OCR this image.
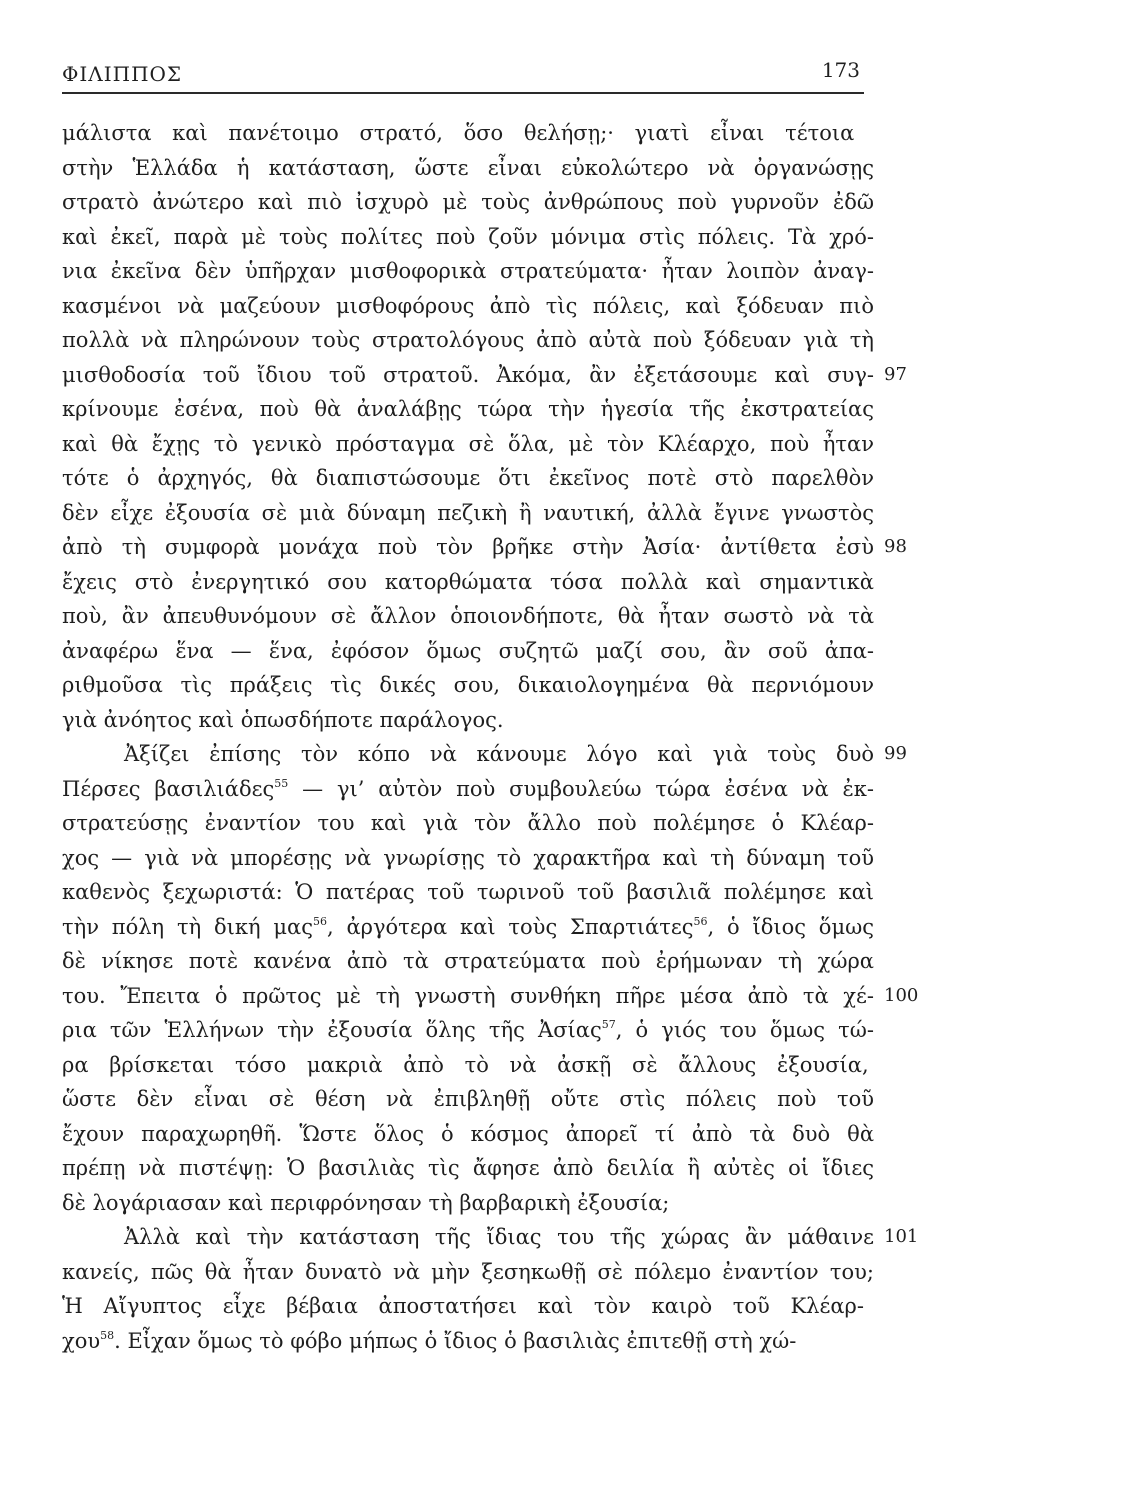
ΦΙΛΙΠΠΟΣ	173
μάλιστα καὶ πανέτοιμο στρατό, ὅσο θελήσῃ;· γιατὶ εἶναι τέτοια
στὴν Ἑλλάδα ἡ κατάσταση, ὥστε εἶναι εὐκολώτερο νὰ ὀργανώσῃς
στρατὸ ἀνώτερο καὶ πιὸ ἰσχυρὸ μὲ τοὺς ἀνθρώπους ποὺ γυρνοῦν ἐδῶ
καὶ ἐκεῖ, παρὰ μὲ τοὺς πολίτες ποὺ ζοῦν μόνιμα στὶς πόλεις. Τὰ χρό-
νια ἐκεῖνα δὲν ὑπῆρχαν μισθοφορικὰ στρατεύματα· ἦταν λοιπὸν ἀναγ-
κασμένοι νὰ μαζεύουν μισθοφόρους ἀπὸ τὶς πόλεις, καὶ ξόδευαν πιὸ
πολλὰ νὰ πληρώνουν τοὺς στρατολόγους ἀπὸ αὐτὰ ποὺ ξόδευαν γιὰ τὴ
μισθοδοσία τοῦ ἴδιου τοῦ στρατοῦ. Ἀκόμα, ἂν ἐξετάσουμε καὶ συγ- 97
κρίνουμε ἐσένα, ποὺ θὰ ἀναλάβῃς τώρα τὴν ἡγεσία τῆς ἐκστρατείας
καὶ θὰ ἔχῃς τὸ γενικὸ πρόσταγμα σὲ ὅλα, μὲ τὸν Κλέαρχο, ποὺ ἦταν
τότε ὁ ἀρχηγός, θὰ διαπιστώσουμε ὅτι ἐκεῖνος ποτὲ στὸ παρελθὸν
δὲν εἶχε ἐξουσία σὲ μιὰ δύναμη πεζικὴ ἢ ναυτική, ἀλλὰ ἔγινε γνωστὸς
ἀπὸ τὴ συμφορὰ μονάχα ποὺ τὸν βρῆκε στὴν Ἀσία· ἀντίθετα ἐσὺ 98
ἔχεις στὸ ἐνεργητικό σου κατορθώματα τόσα πολλὰ καὶ σημαντικὰ
ποὺ, ἂν ἀπευθυνόμουν σὲ ἄλλον ὁποιονδήποτε, θὰ ἦταν σωστὸ νὰ τὰ
ἀναφέρω ἕνα — ἕνα, ἐφόσον ὅμως συζητῶ μαζί σου, ἂν σοῦ ἀπα-
ριθμοῦσα τὶς πράξεις τὶς δικές σου, δικαιολογημένα θὰ περνιόμουν
γιὰ ἀνόητος καὶ ὁπωσδήποτε παράλογος.
Ἀξίζει ἐπίσης τὸν κόπο νὰ κάνουμε λόγο καὶ γιὰ τοὺς δυὸ 99
Πέρσες βασιλιάδες$^{55}$ — γι’ αὐτὸν ποὺ συμβουλεύω τώρα ἐσένα νὰ ἐκ-
στρατεύσῃς ἐναντίον του καὶ γιὰ τὸν ἄλλο ποὺ πολέμησε ὁ Κλέαρ-
χος — γιὰ νὰ μπορέσῃς νὰ γνωρίσῃς τὸ χαρακτῆρα καὶ τὴ δύναμη τοῦ
καθενὸς ξεχωριστά: Ὁ πατέρας τοῦ τωρινοῦ τοῦ βασιλιᾶ πολέμησε καὶ
τὴν πόλη τὴ δική μας$^{56}$, ἀργότερα καὶ τοὺς Σπαρτιάτες$^{56}$, ὁ ἴδιος ὅμως
δὲ νίκησε ποτὲ κανένα ἀπὸ τὰ στρατεύματα ποὺ ἐρήμωναν τὴ χώρα
του. Ἔπειτα ὁ πρῶτος μὲ τὴ γνωστὴ συνθήκη πῆρε μέσα ἀπὸ τὰ χέ- 100
ρια τῶν Ἑλλήνων τὴν ἐξουσία ὅλης τῆς Ἀσίας$^{57}$, ὁ γιός του ὅμως τώ-
ρα βρίσκεται τόσο μακριὰ ἀπὸ τὸ νὰ ἀσκῇ σὲ ἄλλους ἐξουσία,
ὥστε δὲν εἶναι σὲ θέση νὰ ἐπιβληθῇ οὔτε στὶς πόλεις ποὺ τοῦ
ἔχουν παραχωρηθῆ. Ὥστε ὅλος ὁ κόσμος ἀπορεῖ τί ἀπὸ τὰ δυὸ θὰ
πρέπῃ νὰ πιστέψῃ: Ὁ βασιλιὰς τὶς ἄφησε ἀπὸ δειλία ἢ αὐτὲς οἱ ἴδιες
δὲ λογάριασαν καὶ περιφρόνησαν τὴ βαρβαρικὴ ἐξουσία;
Ἀλλὰ καὶ τὴν κατάσταση τῆς ἴδιας του τῆς χώρας ἂν μάθαινε 101
κανείς, πῶς θὰ ἦταν δυνατὸ νὰ μὴν ξεσηκωθῇ σὲ πόλεμο ἐναντίον του;
Ἡ Αἴγυπτος εἶχε βέβαια ἀποστατήσει καὶ τὸν καιρὸ τοῦ Κλέαρ-
χου$^{58}$. Εἶχαν ὅμως τὸ φόβο μήπως ὁ ἴδιος ὁ βασιλιὰς ἐπιτεθῇ στὴ χώ-
